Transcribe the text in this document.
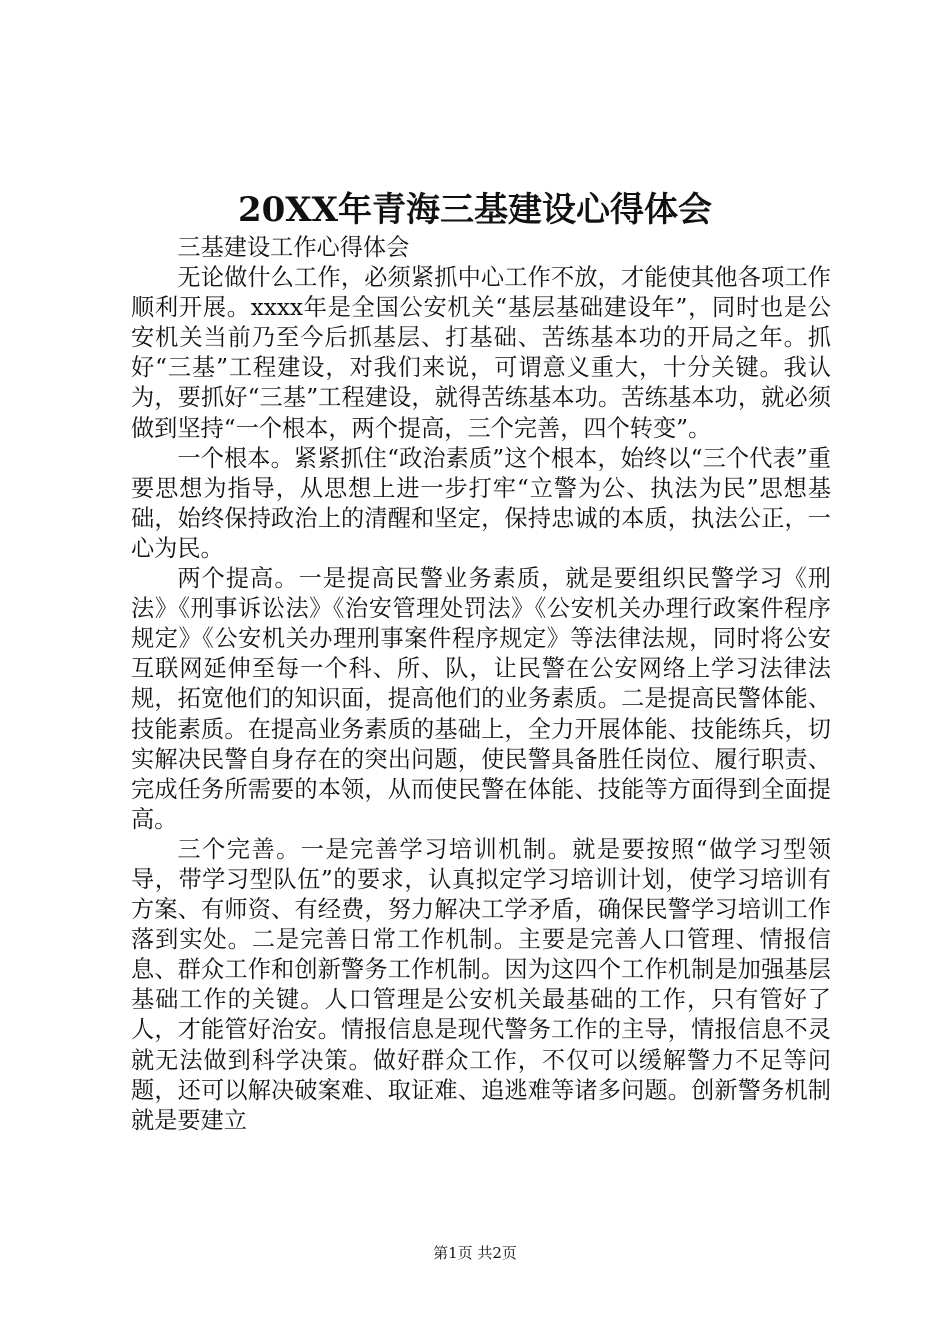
20XX年青海三基建设心得体会

三基建设工作心得体会

无论做什么工作，必须紧抓中心工作不放，才能使其他各项工作顺利开展。xxxx年是全国公安机关“基层基础建设年”，同时也是公安机关当前乃至今后抓基层、打基础、苦练基本功的开局之年。抓好“三基”工程建设，对我们来说，可谓意义重大，十分关键。我认为，要抓好“三基”工程建设，就得苦练基本功。苦练基本功，就必须做到坚持“一个根本，两个提高，三个完善，四个转变”。

一个根本。紧紧抓住“政治素质”这个根本，始终以“三个代表”重要思想为指导，从思想上进一步打牢“立警为公、执法为民”思想基础，始终保持政治上的清醒和坚定，保持忠诚的本质，执法公正，一心为民。

两个提高。一是提高民警业务素质，就是要组织民警学习《刑法》《刑事诉讼法》《治安管理处罚法》《公安机关办理行政案件程序规定》《公安机关办理刑事案件程序规定》等法律法规，同时将公安互联网延伸至每一个科、所、队，让民警在公安网络上学习法律法规，拓宽他们的知识面，提高他们的业务素质。二是提高民警体能、技能素质。在提高业务素质的基础上，全力开展体能、技能练兵，切实解决民警自身存在的突出问题，使民警具备胜任岗位、履行职责、完成任务所需要的本领，从而使民警在体能、技能等方面得到全面提高。

三个完善。一是完善学习培训机制。就是要按照“做学习型领导，带学习型队伍”的要求，认真拟定学习培训计划，使学习培训有方案、有师资、有经费，努力解决工学矛盾，确保民警学习培训工作落到实处。二是完善日常工作机制。主要是完善人口管理、情报信息、群众工作和创新警务工作机制。因为这四个工作机制是加强基层基础工作的关键。人口管理是公安机关最基础的工作，只有管好了人，才能管好治安。情报信息是现代警务工作的主导，情报信息不灵就无法做到科学决策。做好群众工作，不仅可以缓解警力不足等问题，还可以解决破案难、取证难、追逃难等诸多问题。创新警务机制就是要建立

第1页 共2页
